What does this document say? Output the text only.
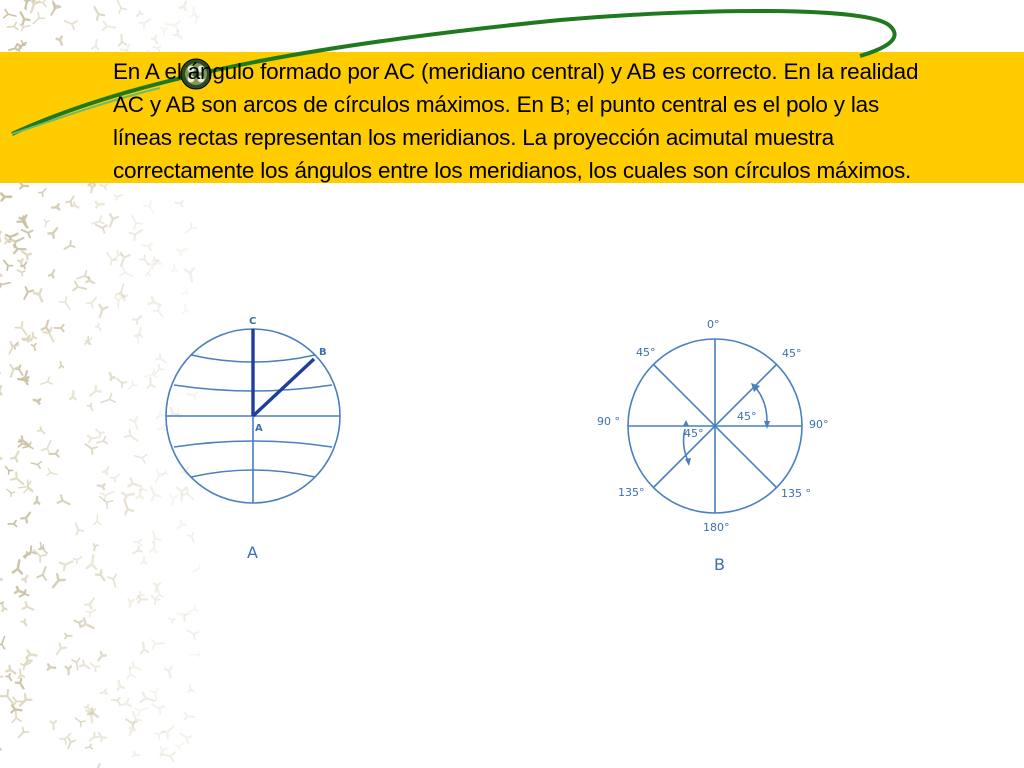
En A el ángulo formado por AC (meridiano central) y AB es correcto. En la realidad
AC y AB son arcos de círculos máximos. En B; el punto central es el polo y las
líneas rectas representan los meridianos. La proyección acimutal muestra
correctamente los ángulos entre los meridianos, los cuales son círculos máximos.

C
B
A
A
0°
45°	45°
90 °	90°
45°
45°
135°	135 °
180°
B
